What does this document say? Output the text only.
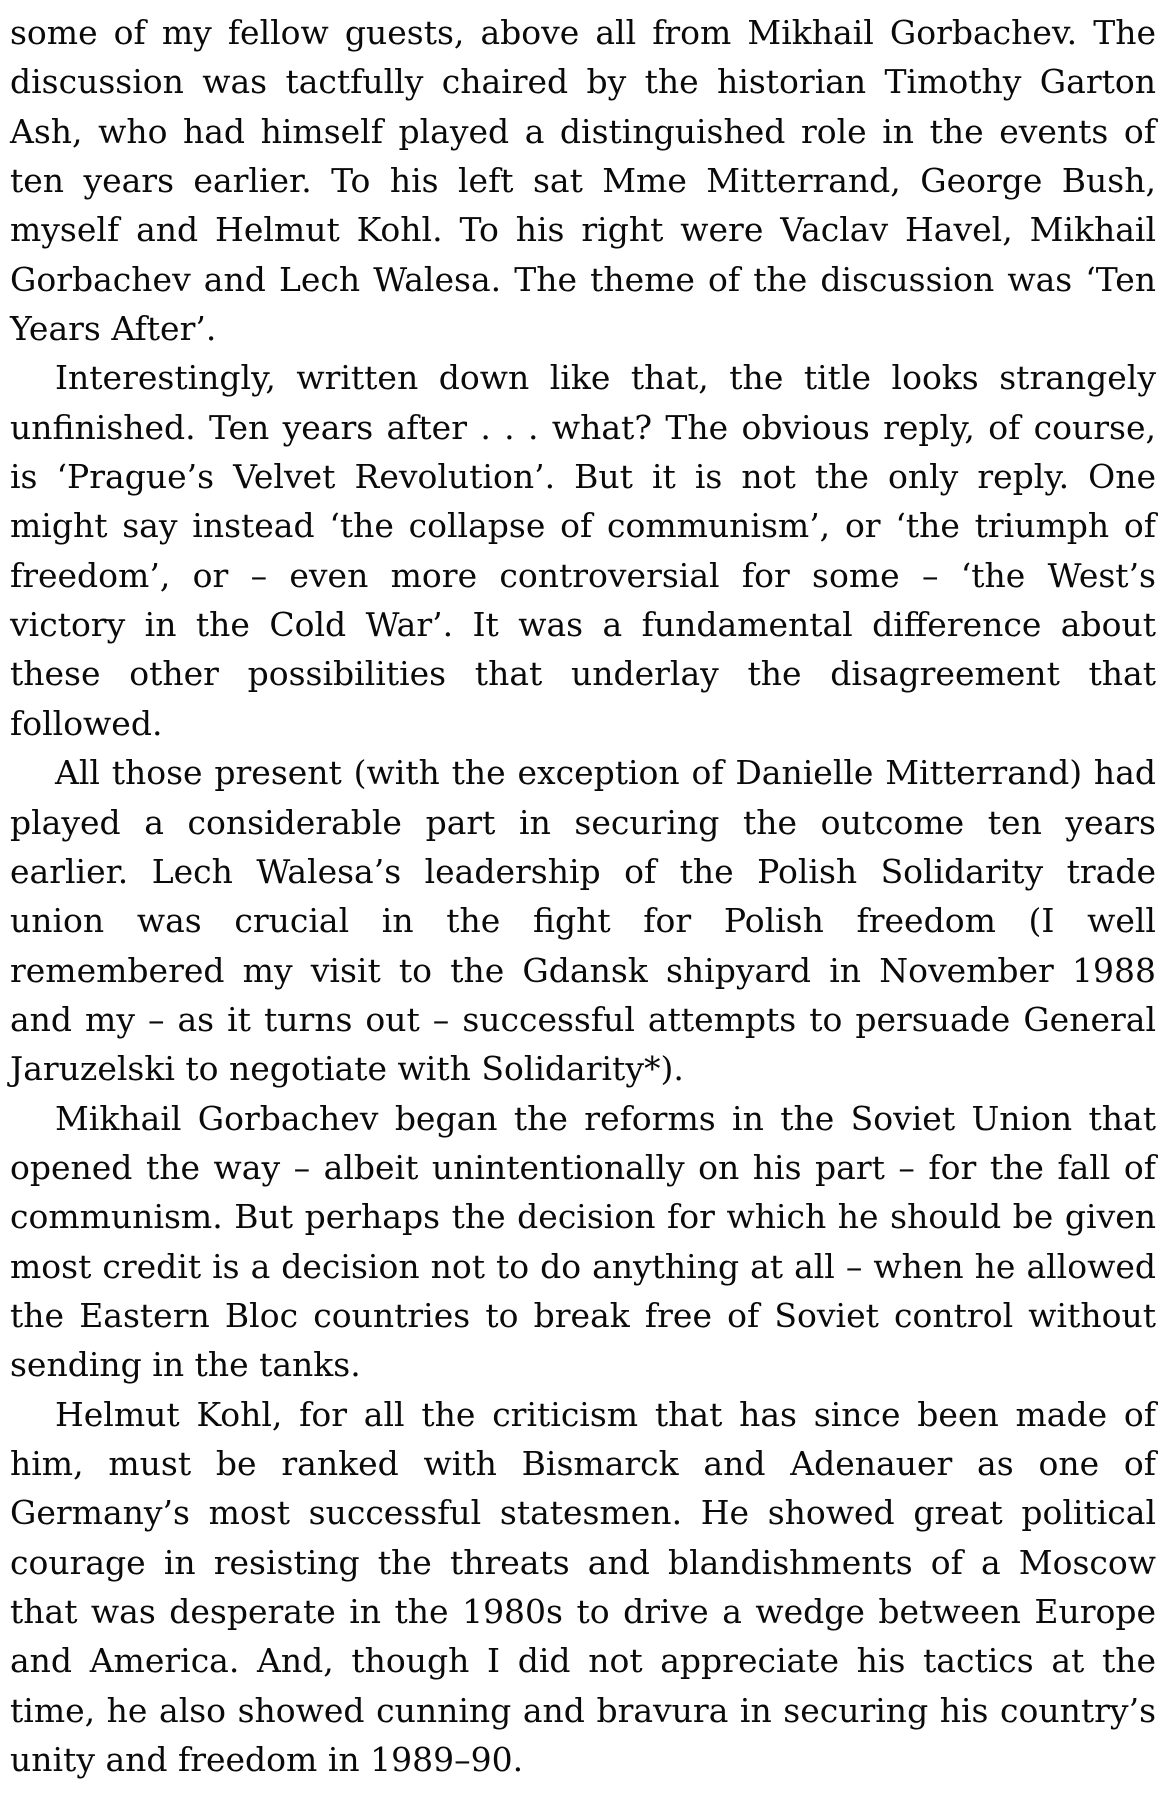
some of my fellow guests, above all from Mikhail Gorbachev. The discussion was tactfully chaired by the historian Timothy Garton Ash, who had himself played a distinguished role in the events of ten years earlier. To his left sat Mme Mitterrand, George Bush, myself and Helmut Kohl. To his right were Vaclav Havel, Mikhail Gorbachev and Lech Walesa. The theme of the discussion was ‘Ten Years After’.

Interestingly, written down like that, the title looks strangely unfinished. Ten years after . . . what? The obvious reply, of course, is ‘Prague’s Velvet Revolution’. But it is not the only reply. One might say instead ‘the collapse of communism’, or ‘the triumph of freedom’, or – even more controversial for some – ‘the West’s victory in the Cold War’. It was a fundamental difference about these other possibilities that underlay the disagreement that followed.

All those present (with the exception of Danielle Mitterrand) had played a considerable part in securing the outcome ten years earlier. Lech Walesa’s leadership of the Polish Solidarity trade union was crucial in the fight for Polish freedom (I well remembered my visit to the Gdansk shipyard in November 1988 and my – as it turns out – successful attempts to persuade General Jaruzelski to negotiate with Solidarity*).

Mikhail Gorbachev began the reforms in the Soviet Union that opened the way – albeit unintentionally on his part – for the fall of communism. But perhaps the decision for which he should be given most credit is a decision not to do anything at all – when he allowed the Eastern Bloc countries to break free of Soviet control without sending in the tanks.

Helmut Kohl, for all the criticism that has since been made of him, must be ranked with Bismarck and Adenauer as one of Germany’s most successful statesmen. He showed great political courage in resisting the threats and blandishments of a Moscow that was desperate in the 1980s to drive a wedge between Europe and America. And, though I did not appreciate his tactics at the time, he also showed cunning and bravura in securing his country’s unity and freedom in 1989–90.
